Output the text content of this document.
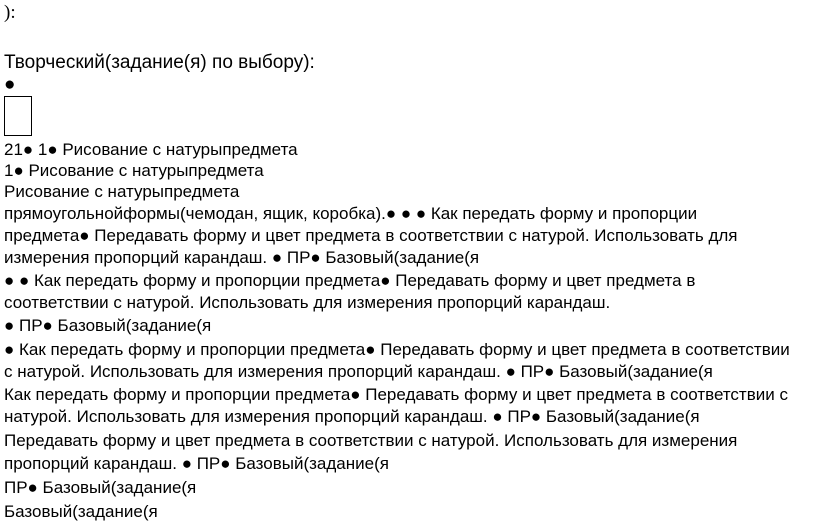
):
Творческий(задание(я) по выбору):
●
21● 1● Рисование с натурыпредмета
1● Рисование с натурыпредмета
Рисование с натурыпредмета
прямоугольнойформы(чемодан, ящик, коробка).● ● ● Как передать форму и пропорции
предмета● Передавать форму и цвет предмета в соответствии с натурой. Использовать для
измерения пропорций карандаш. ● ПР● Базовый(задание(я
● ● Как передать форму и пропорции предмета● Передавать форму и цвет предмета в
соответствии с натурой. Использовать для измерения пропорций карандаш.
● ПР● Базовый(задание(я
● Как передать форму и пропорции предмета● Передавать форму и цвет предмета в соответствии
с натурой. Использовать для измерения пропорций карандаш. ● ПР● Базовый(задание(я
Как передать форму и пропорции предмета● Передавать форму и цвет предмета в соответствии с
натурой. Использовать для измерения пропорций карандаш. ● ПР● Базовый(задание(я
Передавать форму и цвет предмета в соответствии с натурой. Использовать для измерения
пропорций карандаш. ● ПР● Базовый(задание(я
ПР● Базовый(задание(я
Базовый(задание(я
